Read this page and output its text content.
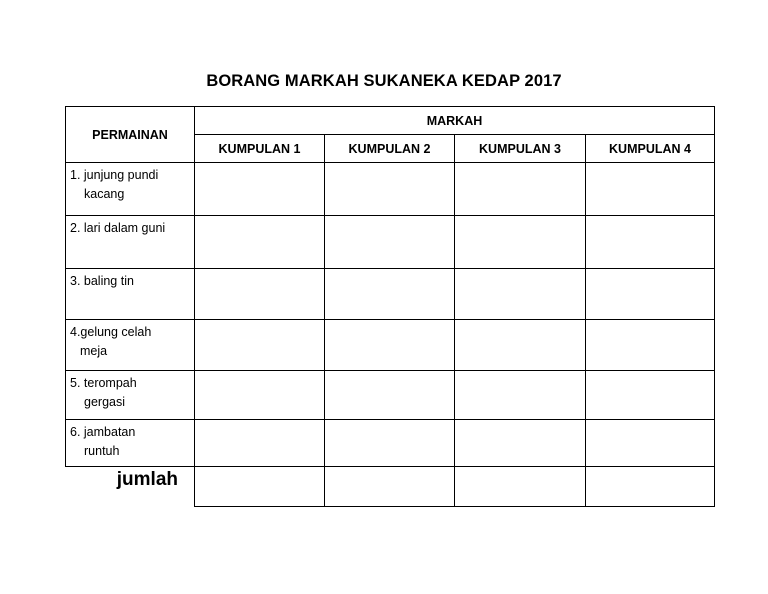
BORANG MARKAH SUKANEKA KEDAP 2017
PERMAINAN	MARKAH			
	KUMPULAN 1	KUMPULAN 2	KUMPULAN 3	KUMPULAN 4
1. junjung pundi
kacang				

2. lari dalam guni				
3. baling tin				
4.gelung celah
meja				

5. terompah
gergasi				

6. jambatan
runtuh				

jumlah				
